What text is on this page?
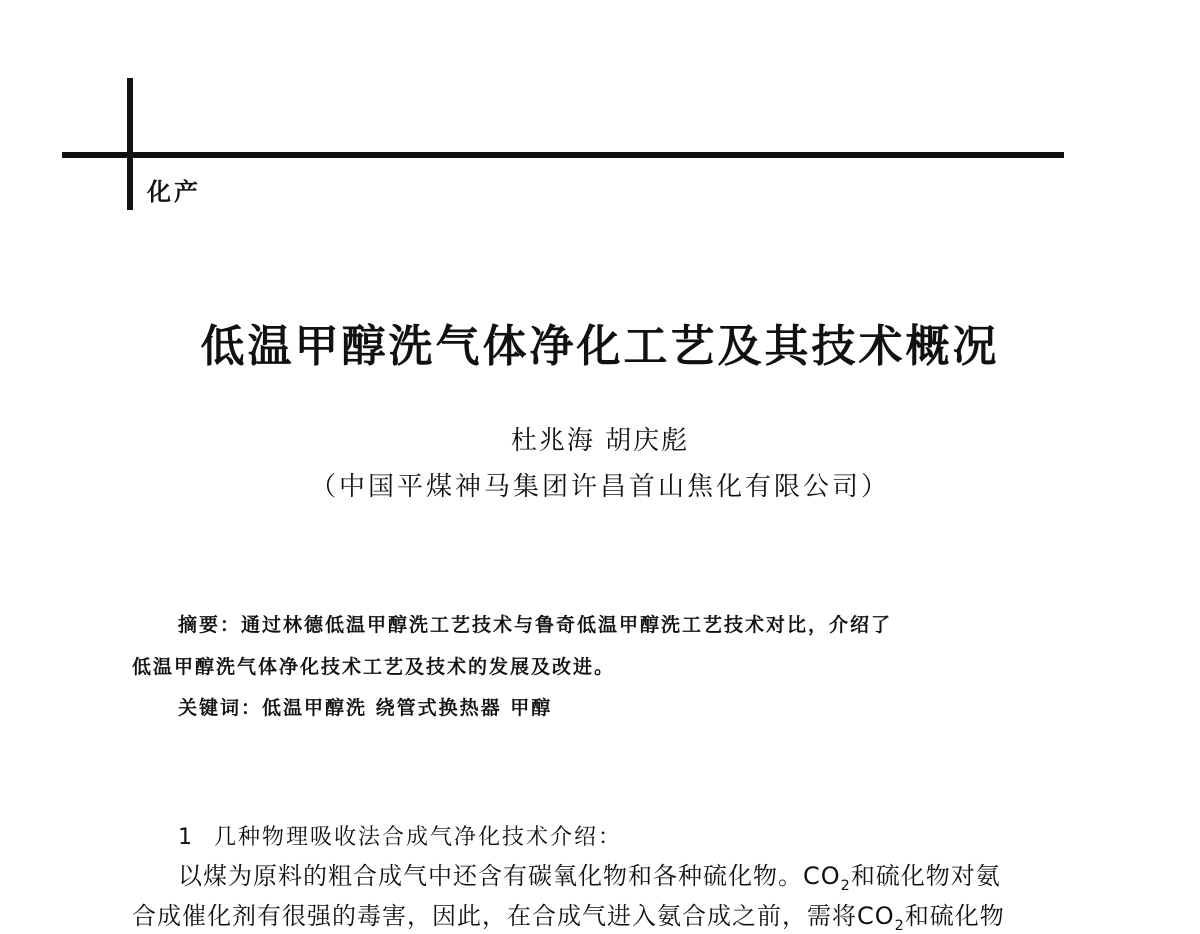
化产
低温甲醇洗气体净化工艺及其技术概况
杜兆海 胡庆彪
（中国平煤神马集团许昌首山焦化有限公司）
摘要：通过林德低温甲醇洗工艺技术与鲁奇低温甲醇洗工艺技术对比，介绍了
低温甲醇洗气体净化技术工艺及技术的发展及改进。
关键词：低温甲醇洗 绕管式换热器 甲醇
1 几种物理吸收法合成气净化技术介绍：
以煤为原料的粗合成气中还含有碳氧化物和各种硫化物。$CO_2$和硫化物对氨
合成催化剂有很强的毒害，因此，在合成气进入氨合成之前，需将$CO_2$和硫化物
